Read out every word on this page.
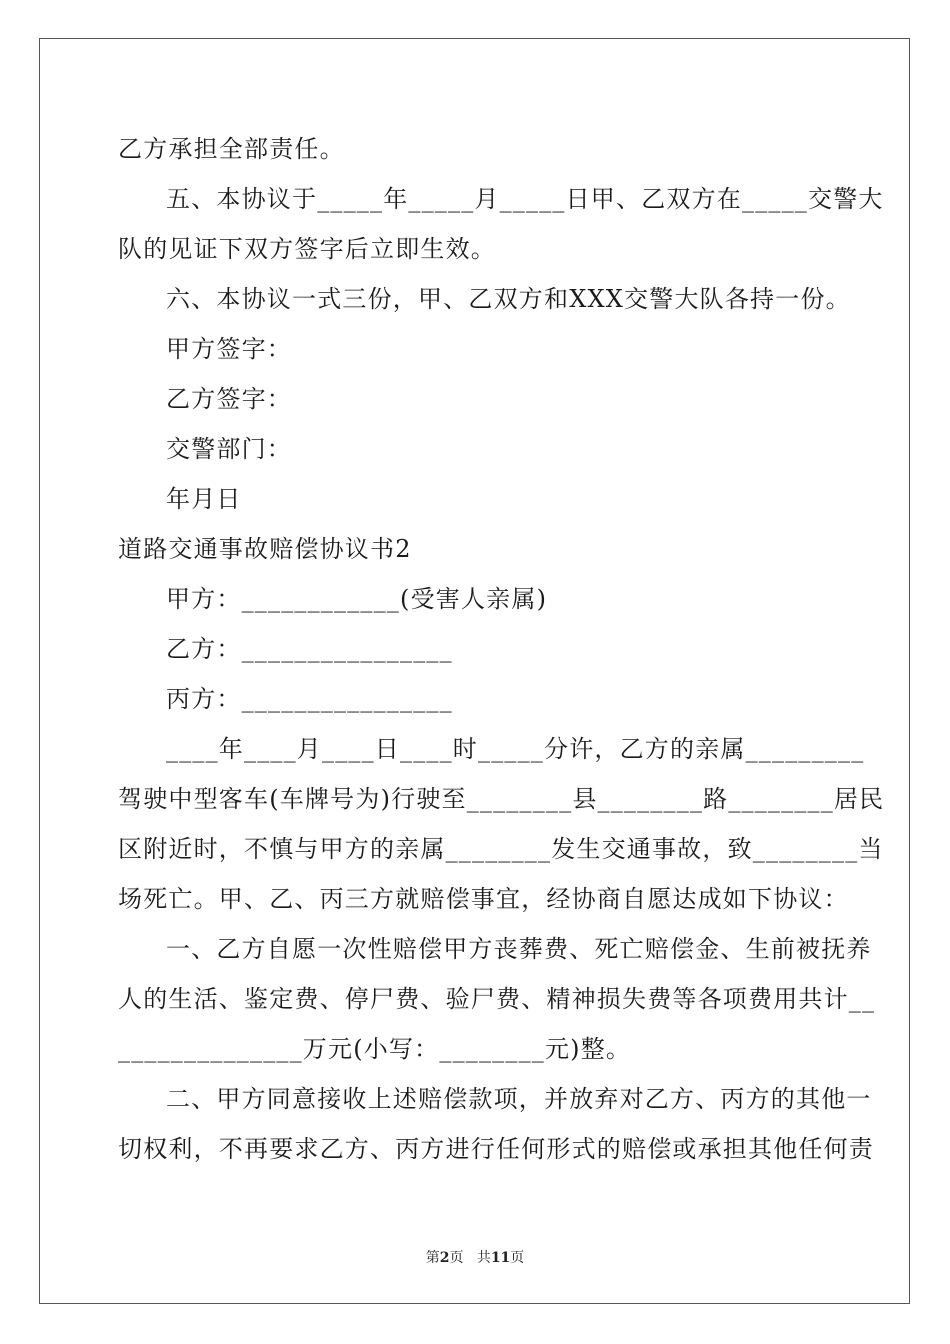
乙方承担全部责任。
五、本协议于_____年_____月_____日甲、乙双方在_____交警大
队的见证下双方签字后立即生效。
六、本协议一式三份，甲、乙双方和XXX交警大队各持一份。
甲方签字：
乙方签字：
交警部门：
年月日
道路交通事故赔偿协议书2
甲方：____________(受害人亲属)
乙方：________________
丙方：________________
____年____月____日____时_____分许，乙方的亲属_________
驾驶中型客车(车牌号为)行驶至________县________路________居民
区附近时，不慎与甲方的亲属________发生交通事故，致________当
场死亡。甲、乙、丙三方就赔偿事宜，经协商自愿达成如下协议：
一、乙方自愿一次性赔偿甲方丧葬费、死亡赔偿金、生前被抚养
人的生活、鉴定费、停尸费、验尸费、精神损失费等各项费用共计__
______________万元(小写：________元)整。
二、甲方同意接收上述赔偿款项，并放弃对乙方、丙方的其他一
切权利，不再要求乙方、丙方进行任何形式的赔偿或承担其他任何责
第2页 共11页
